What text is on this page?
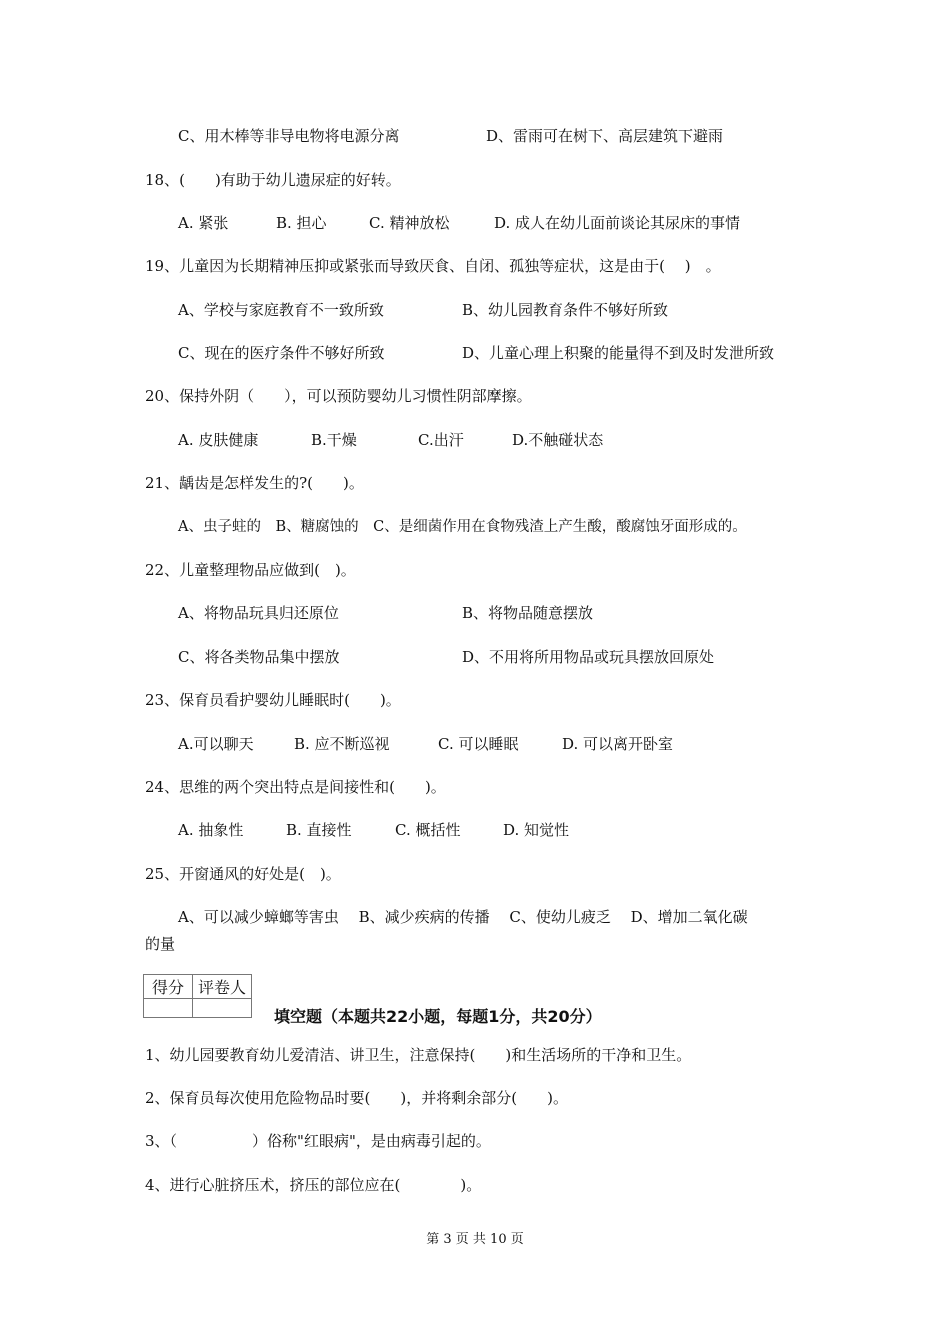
C、用木棒等非导电物将电源分离	D、雷雨可在树下、高层建筑下避雨
18、(　　)有助于幼儿遗尿症的好转。
A. 紧张	B. 担心	C. 精神放松	D. 成人在幼儿面前谈论其尿床的事情
19、儿童因为长期精神压抑或紧张而导致厌食、自闭、孤独等症状，这是由于(　 )　。
A、学校与家庭教育不一致所致	B、幼儿园教育条件不够好所致
C、现在的医疗条件不够好所致	D、儿童心理上积聚的能量得不到及时发泄所致
20、保持外阴（　　），可以预防婴幼儿习惯性阴部摩擦。
A. 皮肤健康	B.干燥	C.出汗	D.不触碰状态
21、龋齿是怎样发生的?(　　)。
A、虫子蛀的　B、糖腐蚀的　C、是细菌作用在食物残渣上产生酸，酸腐蚀牙面形成的。
22、儿童整理物品应做到(　)。
A、将物品玩具归还原位	B、将物品随意摆放
C、将各类物品集中摆放	D、不用将所用物品或玩具摆放回原处
23、保育员看护婴幼儿睡眠时(　　)。
A.可以聊天	B. 应不断巡视	C. 可以睡眠	D. 可以离开卧室
24、思维的两个突出特点是间接性和(　　)。
A. 抽象性	B. 直接性	C. 概括性	D. 知觉性
25、开窗通风的好处是(　)。
A、可以减少蟑螂等害虫　 B、减少疾病的传播　 C、使幼儿疲乏　 D、增加二氧化碳
的量
得分	评卷人

填空题（本题共22小题，每题1分，共20分）
1、幼儿园要教育幼儿爱清洁、讲卫生，注意保持(　　)和生活场所的干净和卫生。
2、保育员每次使用危险物品时要(　　)，并将剩余部分(　　)。
3、（　　　　　）俗称"红眼病"，是由病毒引起的。
4、进行心脏挤压术，挤压的部位应在(　　　　)。
第 3 页 共 10 页
